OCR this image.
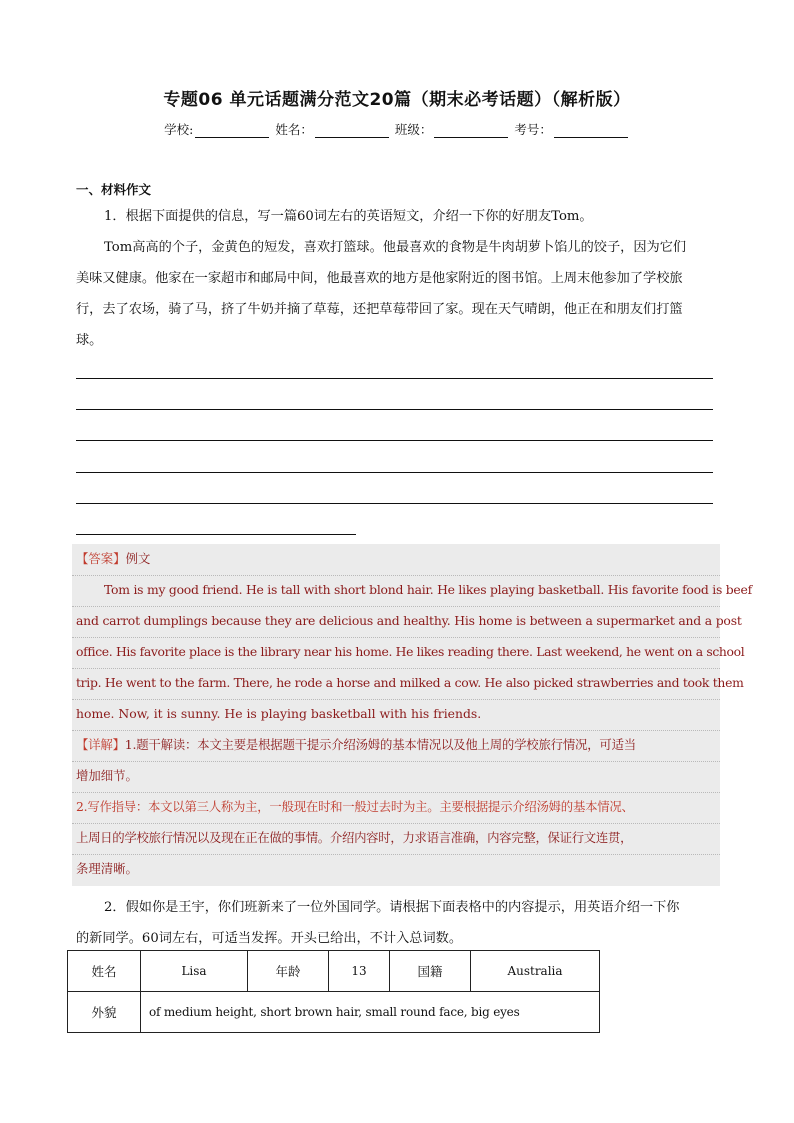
专题06 单元话题满分范文20篇（期末必考话题）（解析版）
学校:	姓名：	班级：	考号：
一、材料作文
1．根据下面提供的信息，写一篇60词左右的英语短文，介绍一下你的好朋友Tom。
Tom高高的个子，金黄色的短发，喜欢打篮球。他最喜欢的食物是牛肉胡萝卜馅儿的饺子，因为它们
美味又健康。他家在一家超市和邮局中间，他最喜欢的地方是他家附近的图书馆。上周末他参加了学校旅
行，去了农场，骑了马，挤了牛奶并摘了草莓，还把草莓带回了家。现在天气晴朗，他正在和朋友们打篮
球。
【答案】例文
Tom is my good friend. He is tall with short blond hair. He likes playing basketball. His favorite food is beef
and carrot dumplings because they are delicious and healthy. His home is between a supermarket and a post
office. His favorite place is the library near his home. He likes reading there. Last weekend, he went on a school
trip. He went to the farm. There, he rode a horse and milked a cow. He also picked strawberries and took them
home. Now, it is sunny. He is playing basketball with his friends.
【详解】1.题干解读：本文主要是根据题干提示介绍汤姆的基本情况以及他上周的学校旅行情况，可适当
增加细节。
2.写作指导：本文以第三人称为主，一般现在时和一般过去时为主。主要根据提示介绍汤姆的基本情况、
上周日的学校旅行情况以及现在正在做的事情。介绍内容时，力求语言准确，内容完整，保证行文连贯，
条理清晰。
2．假如你是王宇，你们班新来了一位外国同学。请根据下面表格中的内容提示，用英语介绍一下你
的新同学。60词左右，可适当发挥。开头已给出，不计入总词数。
姓名	Lisa	年龄	13	国籍	Australia
外貌	of medium height, short brown hair, small round face, big eyes				
